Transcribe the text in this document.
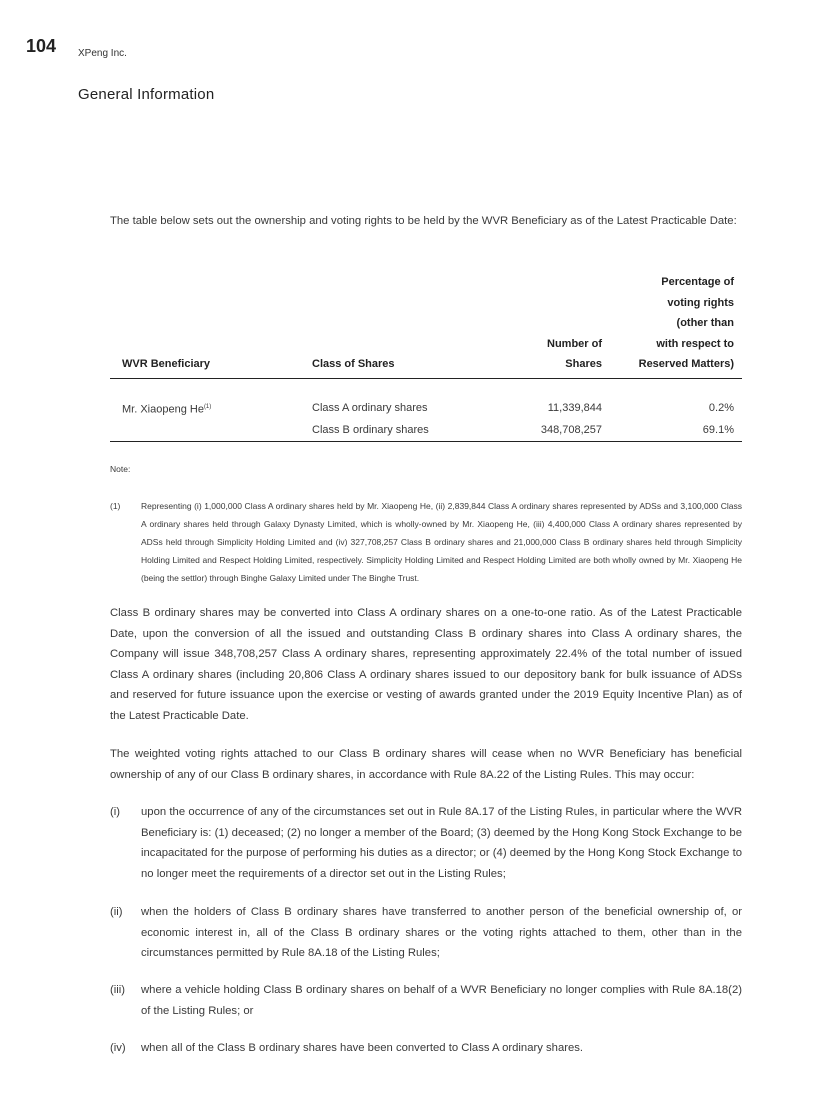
104 XPeng Inc.
General Information

The table below sets out the ownership and voting rights to be held by the WVR Beneficiary as of the Latest Practicable Date:

WVR Beneficiary	Class of Shares	Number of Shares	Percentage of
voting rights
(other than
with respect to
Reserved Matters)

Mr. Xiaopeng He$^{(1)}$	Class A ordinary shares	11,339,844	0.2%
	Class B ordinary shares	348,708,257	69.1%
Note:
(1) Representing (i) 1,000,000 Class A ordinary shares held by Mr. Xiaopeng He, (ii) 2,839,844 Class A ordinary shares represented by ADSs and 3,100,000 Class A ordinary shares held through Galaxy Dynasty Limited, which is wholly-owned by Mr. Xiaopeng He, (iii) 4,400,000 Class A ordinary shares represented by ADSs held through Simplicity Holding Limited and (iv) 327,708,257 Class B ordinary shares and 21,000,000 Class B ordinary shares held through Simplicity Holding Limited and Respect Holding Limited, respectively. Simplicity Holding Limited and Respect Holding Limited are both wholly owned by Mr. Xiaopeng He (being the settlor) through Binghe Galaxy Limited under The Binghe Trust.

Class B ordinary shares may be converted into Class A ordinary shares on a one-to-one ratio. As of the Latest Practicable Date, upon the conversion of all the issued and outstanding Class B ordinary shares into Class A ordinary shares, the Company will issue 348,708,257 Class A ordinary shares, representing approximately 22.4% of the total number of issued Class A ordinary shares (including 20,806 Class A ordinary shares issued to our depository bank for bulk issuance of ADSs and reserved for future issuance upon the exercise or vesting of awards granted under the 2019 Equity Incentive Plan) as of the Latest Practicable Date.

The weighted voting rights attached to our Class B ordinary shares will cease when no WVR Beneficiary has beneficial ownership of any of our Class B ordinary shares, in accordance with Rule 8A.22 of the Listing Rules. This may occur:

(i) upon the occurrence of any of the circumstances set out in Rule 8A.17 of the Listing Rules, in particular where the WVR Beneficiary is: (1) deceased; (2) no longer a member of the Board; (3) deemed by the Hong Kong Stock Exchange to be incapacitated for the purpose of performing his duties as a director; or (4) deemed by the Hong Kong Stock Exchange to no longer meet the requirements of a director set out in the Listing Rules;
(ii) when the holders of Class B ordinary shares have transferred to another person of the beneficial ownership of, or economic interest in, all of the Class B ordinary shares or the voting rights attached to them, other than in the circumstances permitted by Rule 8A.18 of the Listing Rules;
(iii) where a vehicle holding Class B ordinary shares on behalf of a WVR Beneficiary no longer complies with Rule 8A.18(2) of the Listing Rules; or
(iv) when all of the Class B ordinary shares have been converted to Class A ordinary shares.
